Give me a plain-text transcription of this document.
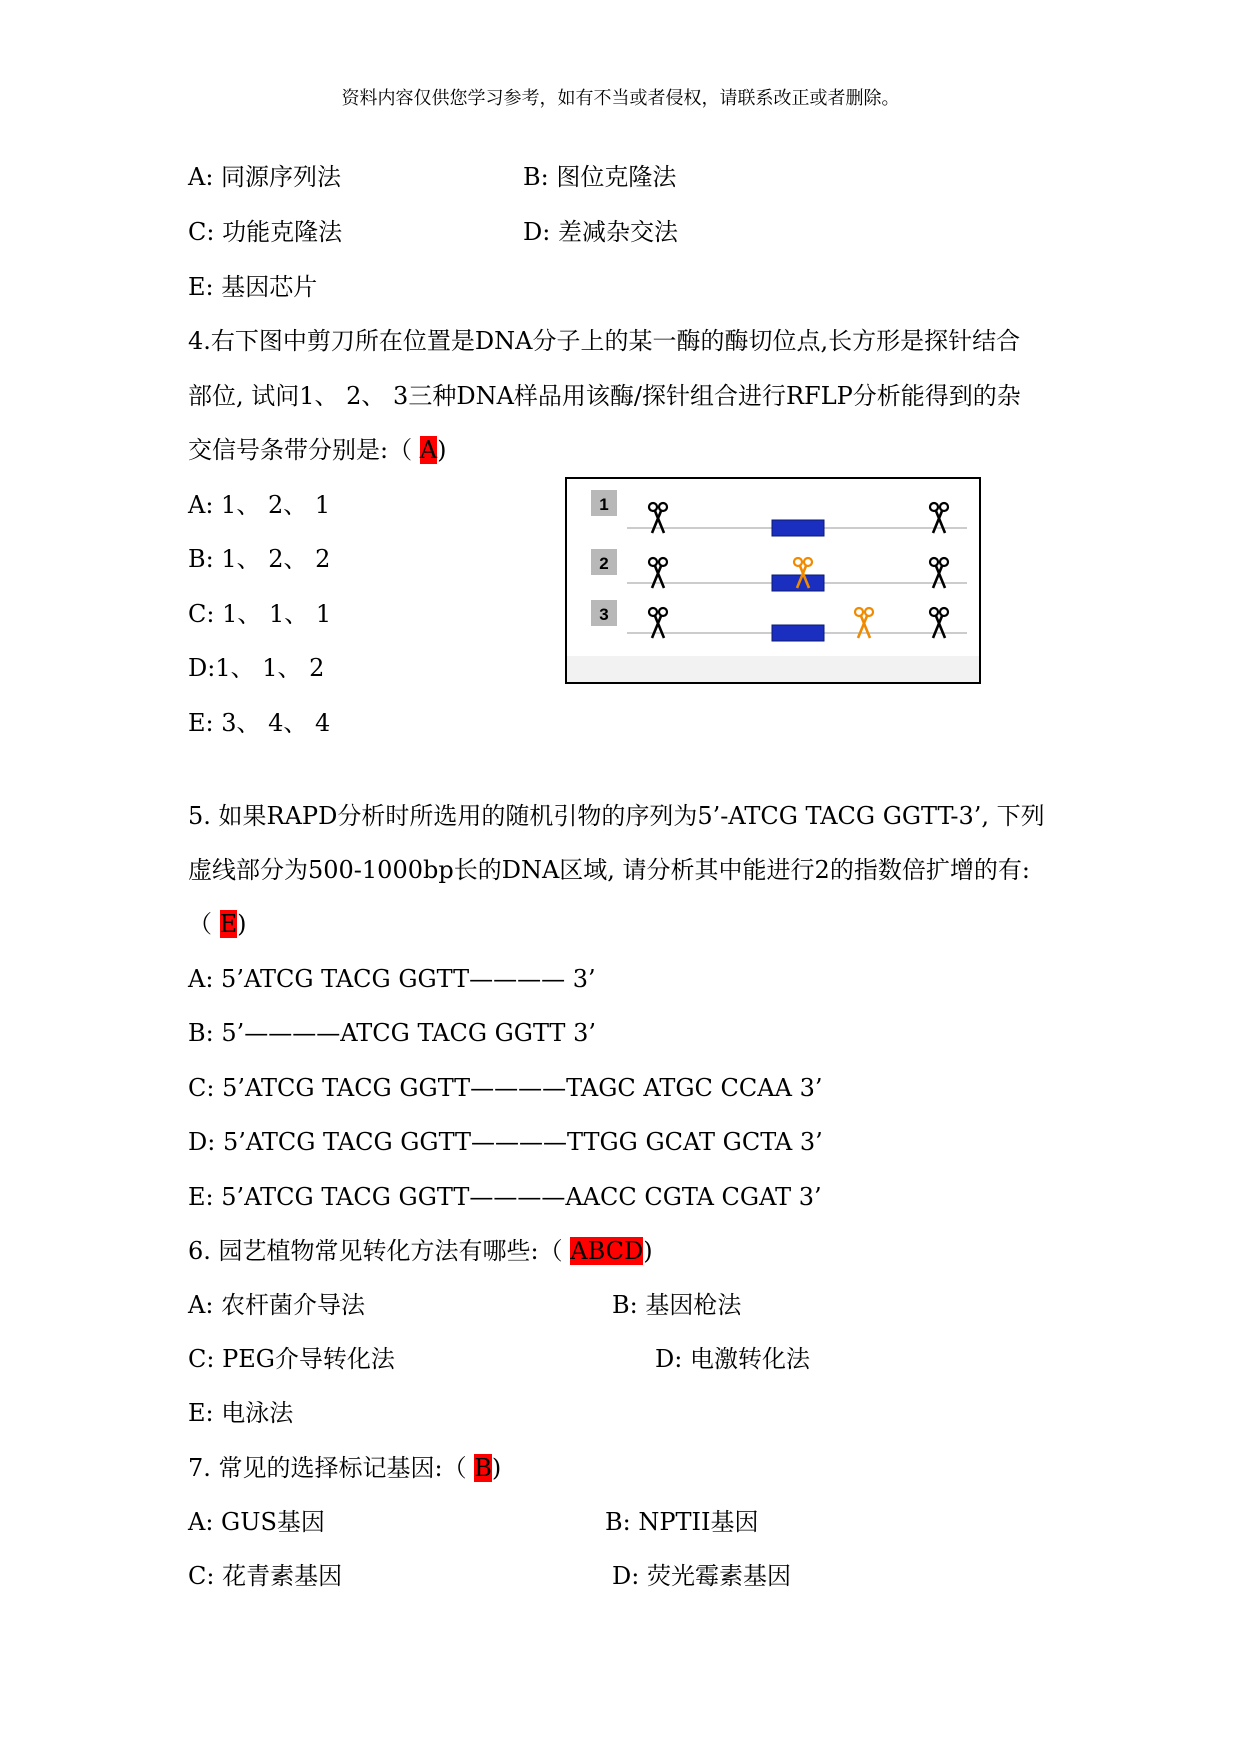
资料内容仅供您学习参考，如有不当或者侵权，请联系改正或者删除。
A: 同源序列法	B: 图位克隆法
C: 功能克隆法	D: 差减杂交法
E: 基因芯片
4.右下图中剪刀所在位置是DNA分子上的某一酶的酶切位点,长方形是探针结合
部位, 试问1、 2、 3三种DNA样品用该酶/探针组合进行RFLP分析能得到的杂
交信号条带分别是:（ A)
A: 1、 2、 1
B: 1、 2、 2
C: 1、 1、 1
D:1、 1、 2
E: 3、 4、 4
1
2
3
5. 如果RAPD分析时所选用的随机引物的序列为5’-ATCG TACG GGTT-3’, 下列
虚线部分为500-1000bp长的DNA区域, 请分析其中能进行2的指数倍扩增的有:
（ E)
A: 5’ATCG TACG GGTT———— 3’
B: 5’————ATCG TACG GGTT 3’
C: 5’ATCG TACG GGTT————TAGC ATGC CCAA 3’
D: 5’ATCG TACG GGTT————TTGG GCAT GCTA 3’
E: 5’ATCG TACG GGTT————AACC CGTA CGAT 3’
6. 园艺植物常见转化方法有哪些:（ ABCD)
A: 农杆菌介导法	B: 基因枪法
C: PEG介导转化法	D: 电激转化法
E: 电泳法
7. 常见的选择标记基因:（ B)
A: GUS基因	B: NPTII基因
C: 花青素基因	D: 荧光霉素基因
